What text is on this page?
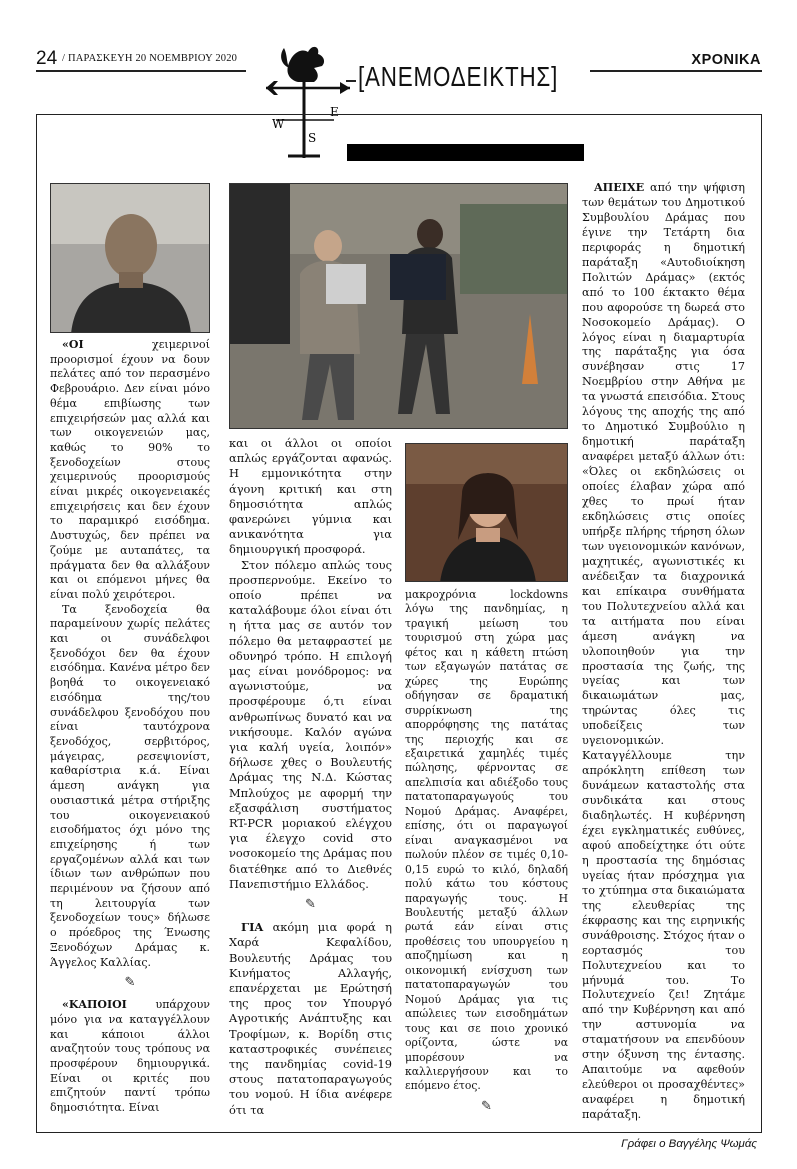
24 / ΠΑΡΑΣΚΕΥΗ 20 ΝΟΕΜΒΡΙΟΥ 2020	ΧΡΟΝΙΚΑ
W
E
S
[ΑΝΕΜΟΔΕΙΚΤΗΣ]

«ΟΙ χειμερινοί προορισμοί έχουν να δουν πελάτες από τον περασμένο Φεβρουάριο. Δεν είναι μόνο θέμα επιβίωσης των επιχειρήσεών μας αλλά και των οικογενειών μας, καθώς το 90% το ξενοδοχείων στους χειμερινούς προορισμούς είναι μικρές οικογενειακές επιχειρήσεις και δεν έχουν το παραμικρό εισόδημα. Δυστυχώς, δεν πρέπει να ζούμε με αυταπάτες, τα πράγματα δεν θα αλλάξουν και οι επόμενοι μήνες θα είναι πολύ χειρότεροι.

Τα ξενοδοχεία θα παραμείνουν χωρίς πελάτες και οι συνάδελφοι ξενοδόχοι δεν θα έχουν εισόδημα. Κανένα μέτρο δεν βοηθά το οικογενειακό εισόδημα της/του συνάδελφου ξενοδόχου που είναι ταυτόχρονα ξενοδόχος, σερβιτόρος, μάγειρας, ρεσεψιονίστ, καθαρίστρια κ.ά. Είναι άμεση ανάγκη για ουσιαστικά μέτρα στήριξης του οικογενειακού εισοδήματος όχι μόνο της επιχείρησης ή των εργαζομένων αλλά και των ίδιων των ανθρώπων που περιμένουν να ζήσουν από τη λειτουργία των ξενοδοχείων τους» δήλωσε ο πρόεδρος της Ένωσης Ξενοδόχων Δράμας κ. Άγγελος Καλλίας.

✎

«ΚΑΠΟΙΟΙ υπάρχουν μόνο για να καταγγέλλουν και κάποιοι άλλοι αναζητούν τους τρόπους να προσφέρουν δημιουργικά. Είναι οι κριτές που επιζητούν παντί τρόπω δημοσιότητα. Είναι

και οι άλλοι οι οποίοι απλώς εργάζονται αφανώς. Η εμμονικότητα στην άγονη κριτική και στη δημοσιότητα απλώς φανερώνει γύμνια και ανικανότητα για δημιουργική προσφορά.

Στον πόλεμο απλώς τους προσπερνούμε. Εκείνο το οποίο πρέπει να καταλάβουμε όλοι είναι ότι η ήττα μας σε αυτόν τον πόλεμο θα μεταφραστεί με οδυνηρό τρόπο. Η επιλογή μας είναι μονόδρομος: να αγωνιστούμε, να προσφέρουμε ό,τι είναι ανθρωπίνως δυνατό και να νικήσουμε. Καλόν αγώνα για καλή υγεία, λοιπόν» δήλωσε χθες ο Βουλευτής Δράμας της Ν.Δ. Κώστας Μπλούχος με αφορμή την εξασφάλιση συστήματος RT-PCR μοριακού ελέγχου για έλεγχο covid στο νοσοκομείο της Δράμας που διατέθηκε από το Διεθνές Πανεπιστήμιο Ελλάδος.

✎

ΓΙΑ ακόμη μια φορά η Χαρά Κεφαλίδου, Βουλευτής Δράμας του Κινήματος Αλλαγής, επανέρχεται με Ερώτησή της προς τον Υπουργό Αγροτικής Ανάπτυξης και Τροφίμων, κ. Βορίδη στις καταστροφικές συνέπειες της πανδημίας covid-19 στους πατατοπαραγωγούς του νομού. Η ίδια ανέφερε ότι τα

μακροχρόνια lockdowns λόγω της πανδημίας, η τραγική μείωση του τουρισμού στη χώρα μας φέτος και η κάθετη πτώση των εξαγωγών πατάτας σε χώρες της Ευρώπης οδήγησαν σε δραματική συρρίκνωση της απορρόφησης της πατάτας της περιοχής και σε εξαιρετικά χαμηλές τιμές πώλησης, φέρνοντας σε απελπισία και αδιέξοδο τους πατατοπαραγωγούς του Νομού Δράμας. Αναφέρει, επίσης, ότι οι παραγωγοί είναι αναγκασμένοι να πωλούν πλέον σε τιμές 0,10-0,15 ευρώ το κιλό, δηλαδή πολύ κάτω του κόστους παραγωγής τους. Η Βουλευτής μεταξύ άλλων ρωτά εάν είναι στις προθέσεις του υπουργείου η αποζημίωση και η οικονομική ενίσχυση των πατατοπαραγωγών του Νομού Δράμας για τις απώλειες των εισοδημάτων τους και σε ποιο χρονικό ορίζοντα, ώστε να μπορέσουν να καλλιεργήσουν και το επόμενο έτος.

✎

ΑΠΕΙΧΕ από την ψήφιση των θεμάτων του Δημοτικού Συμβουλίου Δράμας που έγινε την Τετάρτη δια περιφοράς η δημοτική παράταξη «Αυτοδιοίκηση Πολιτών Δράμας» (εκτός από το 100 έκτακτο θέμα που αφορούσε τη δωρεά στο Νοσοκομείο Δράμας). Ο λόγος είναι η διαμαρτυρία της παράταξης για όσα συνέβησαν στις 17 Νοεμβρίου στην Αθήνα με τα γνωστά επεισόδια. Στους λόγους της αποχής της από το Δημοτικό Συμβούλιο η δημοτική παράταξη αναφέρει μεταξύ άλλων ότι: «Όλες οι εκδηλώσεις οι οποίες έλαβαν χώρα από χθες το πρωί ήταν εκδηλώσεις στις οποίες υπήρξε πλήρης τήρηση όλων των υγειονομικών κανόνων, μαχητικές, αγωνιστικές κι ανέδειξαν τα διαχρονικά και επίκαιρα συνθήματα του Πολυτεχνείου αλλά και τα αιτήματα που είναι άμεση ανάγκη να υλοποιηθούν για την προστασία της ζωής, της υγείας και των δικαιωμάτων μας, τηρώντας όλες τις υποδείξεις των υγειονομικών. Καταγγέλλουμε την απρόκλητη επίθεση των δυνάμεων καταστολής στα συνδικάτα και στους διαδηλωτές. Η κυβέρνηση έχει εγκληματικές ευθύνες, αφού αποδείχτηκε ότι ούτε η προστασία της δημόσιας υγείας ήταν πρόσχημα για το χτύπημα στα δικαιώματα της ελευθερίας της έκφρασης και της ειρηνικής συνάθροισης. Στόχος ήταν ο εορτασμός του Πολυτεχνείου και το μήνυμά του. Το Πολυτεχνείο ζει! Ζητάμε από την Κυβέρνηση και από την αστυνομία να σταματήσουν να επενδύουν στην όξυνση της έντασης. Απαιτούμε να αφεθούν ελεύθεροι οι προσαχθέντες» αναφέρει η δημοτική παράταξη.

Γράφει ο Βαγγέλης Ψωμάς
